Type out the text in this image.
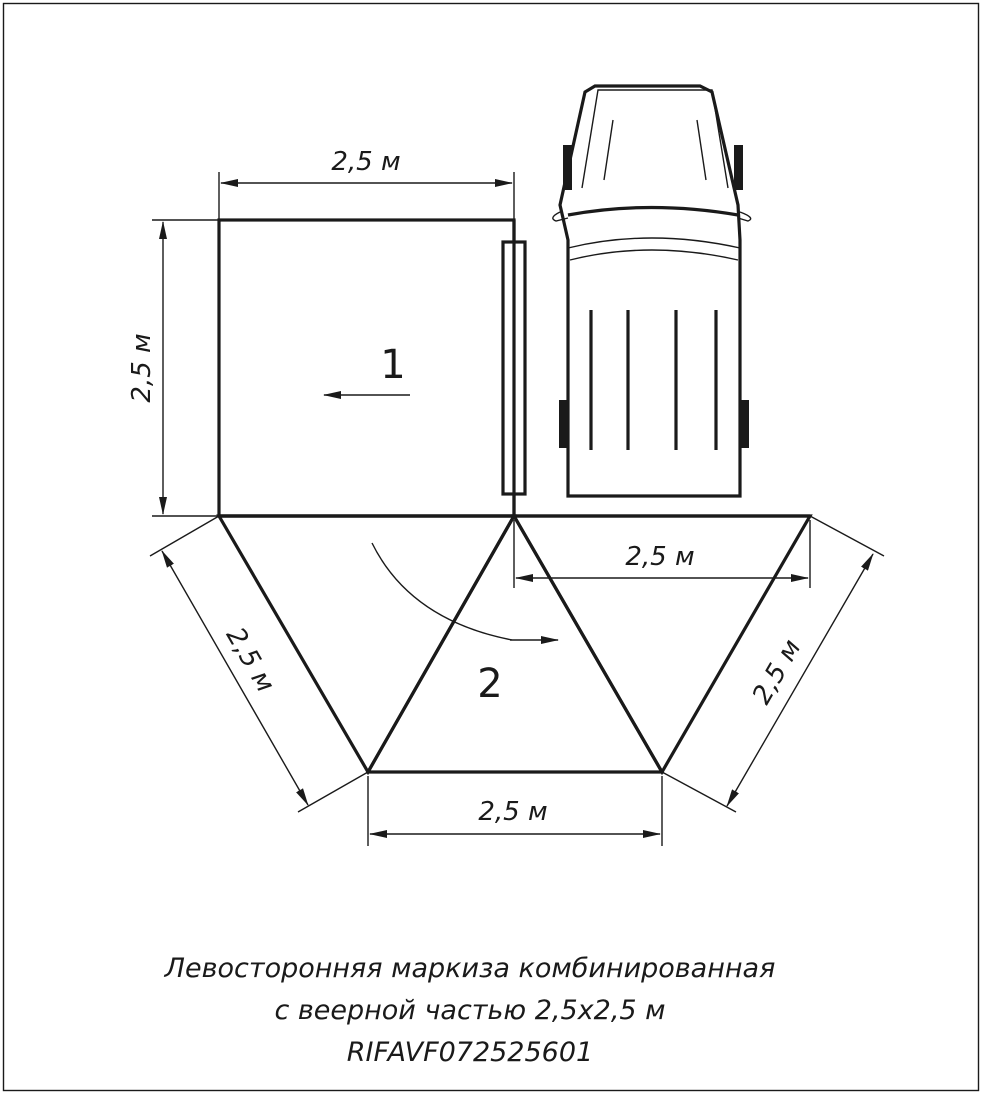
1
2
2,5 м
2,5 м
2,5 м
2,5 м	2,5 м
2,5 м
Левосторонняя маркиза комбинированная
с веерной частью 2,5х2,5 м
RIFAVF072525601
